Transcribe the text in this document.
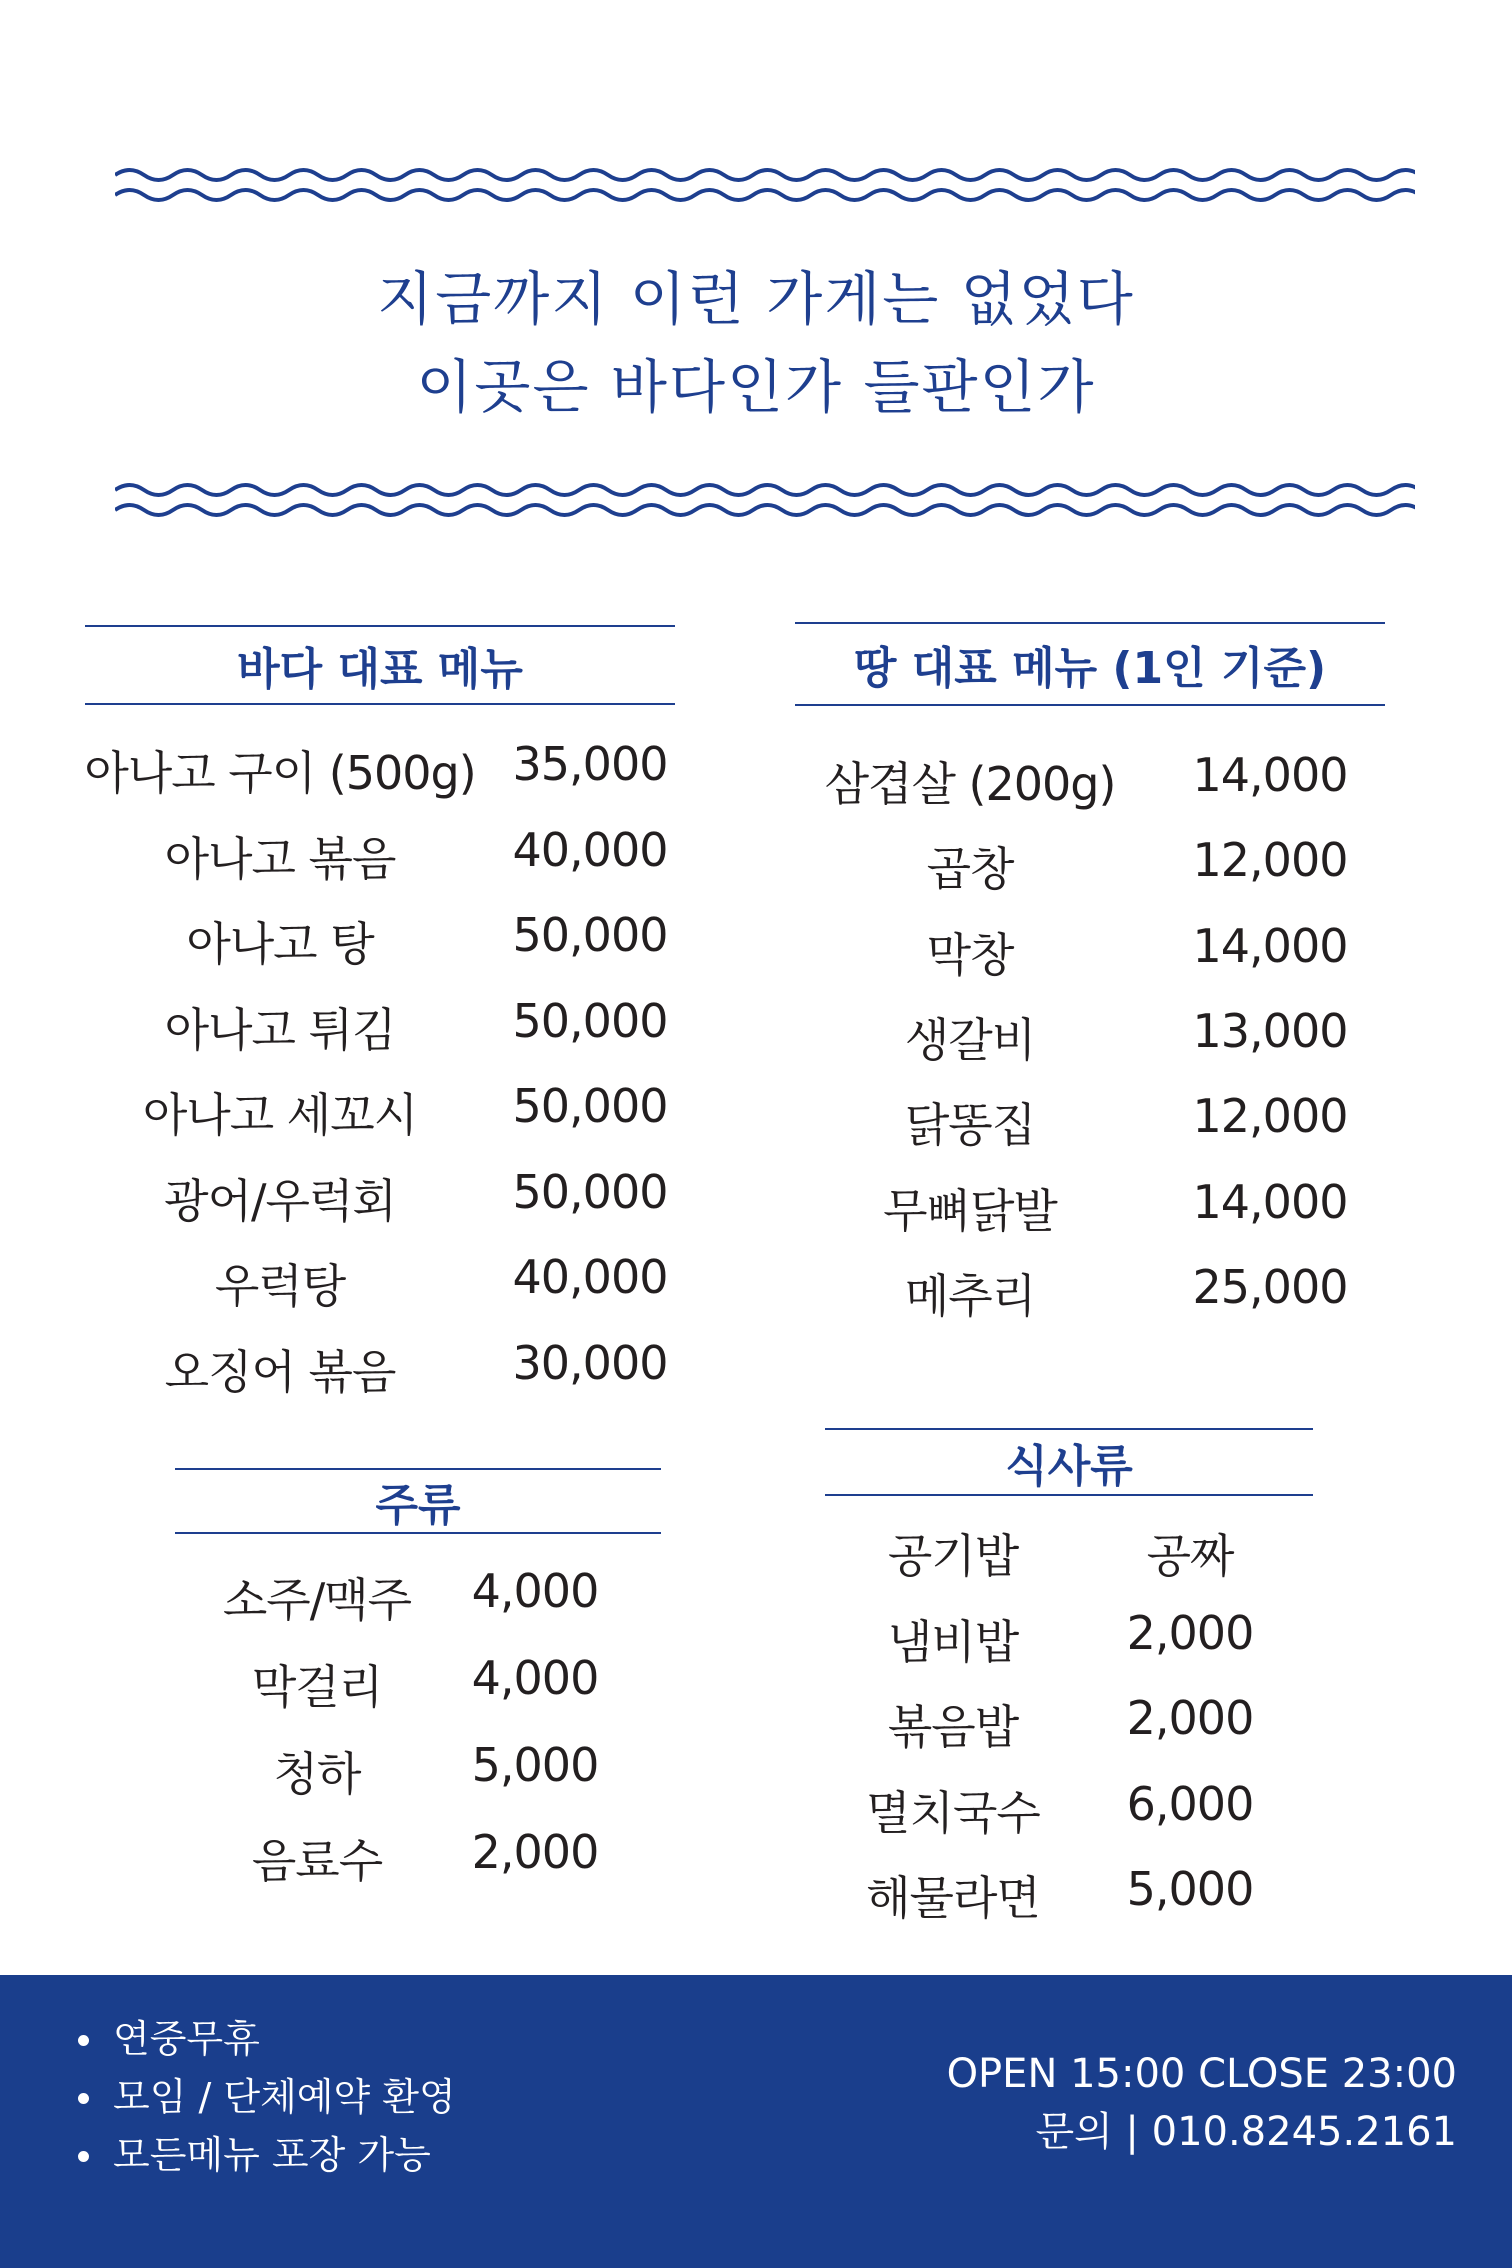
지금까지 이런 가게는 없었다
이곳은 바다인가 들판인가
바다 대표 메뉴
아나고 구이 (500g) 35,000
아나고 볶음	40,000
아나고 탕	50,000
아나고 튀김	50,000
아나고 세꼬시 50,000
광어/우럭회	50,000
우럭탕	40,000
오징어 볶음	30,000
땅 대표 메뉴 (1인 기준)
삼겹살 (200g) 14,000
곱창	12,000
막창	14,000
생갈비	13,000
닭똥집	12,000
무뼈닭발	14,000
메추리	25,000
주류
소주/맥주 4,000
막걸리 4,000
청하 5,000
음료수 2,000
식사류
공기밥	공짜
냄비밥 2,000
볶음밥 2,000
멸치국수 6,000
해물라면 5,000
연중무휴
모임 / 단체예약 환영
모든메뉴 포장 가능
OPEN 15:00 CLOSE 23:00
문의 | 010.8245.2161
